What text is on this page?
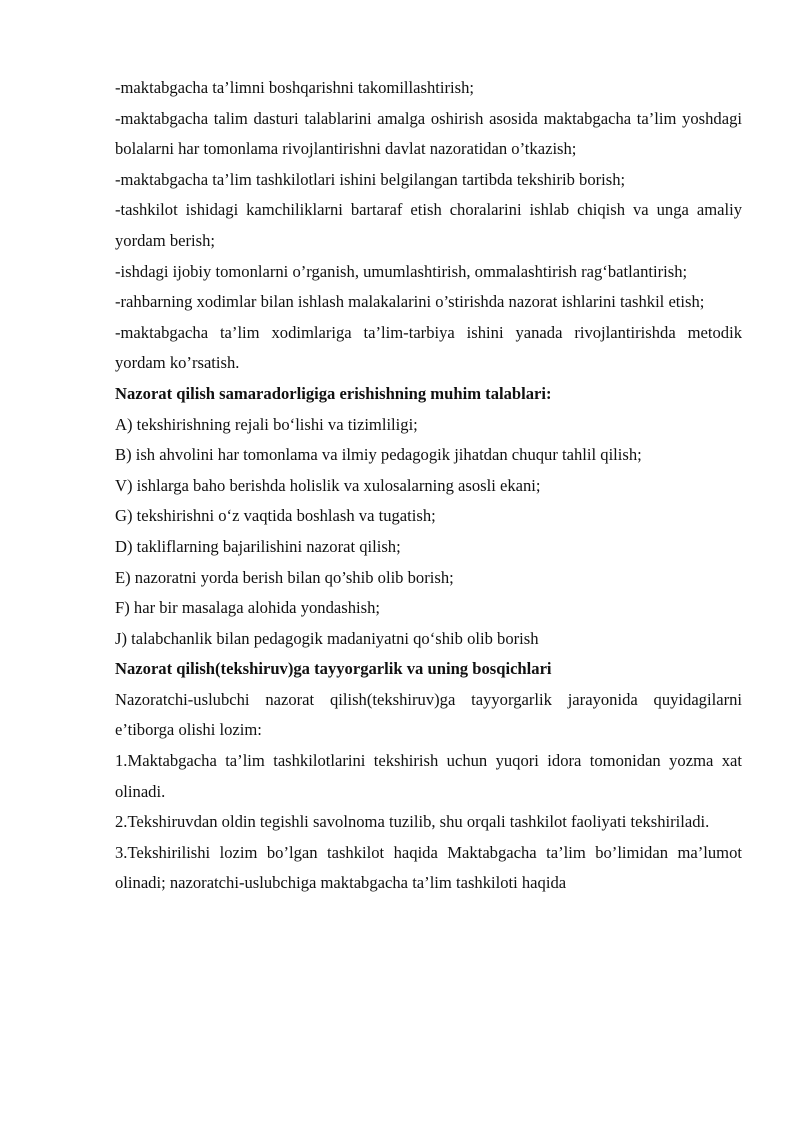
-maktabgacha ta’limni boshqarishni takomillashtirish;

-maktabgacha talim dasturi talablarini amalga oshirish asosida maktabgacha ta’lim yoshdagi bolalarni har tomonlama rivojlantirishni davlat nazoratidan o’tkazish;

-maktabgacha ta’lim tashkilotlari ishini belgilangan tartibda tekshirib borish;

-tashkilot ishidagi kamchiliklarni bartaraf etish choralarini ishlab chiqish va unga amaliy yordam berish;

-ishdagi ijobiy tomonlarni o’rganish, umumlashtirish, ommalashtirish rag‘batlantirish;

-rahbarning xodimlar bilan ishlash malakalarini o’stirishda nazorat ishlarini tashkil etish;

-maktabgacha ta’lim xodimlariga ta’lim-tarbiya ishini yanada rivojlantirishda metodik yordam ko’rsatish.

Nazorat qilish samaradorligiga erishishning muhim talablari:

A) tekshirishning rejali bo‘lishi va tizimliligi;

B) ish ahvolini har tomonlama va ilmiy pedagogik jihatdan chuqur tahlil qilish;

V) ishlarga baho berishda holislik va xulosalarning asosli ekani;

G) tekshirishni o‘z vaqtida boshlash va tugatish;

D) takliflarning bajarilishini nazorat qilish;

E) nazoratni yorda berish bilan qo’shib olib borish;

F) har bir masalaga alohida yondashish;

J) talabchanlik bilan pedagogik madaniyatni qo‘shib olib borish

Nazorat qilish(tekshiruv)ga tayyorgarlik va uning bosqichlari

Nazoratchi-uslubchi nazorat qilish(tekshiruv)ga tayyorgarlik jarayonida quyidagilarni e’tiborga olishi lozim:

1.Maktabgacha ta’lim tashkilotlarini tekshirish uchun yuqori idora tomonidan yozma xat olinadi.

2.Tekshiruvdan oldin tegishli savolnoma tuzilib, shu orqali tashkilot faoliyati tekshiriladi.

3.Tekshirilishi lozim bo’lgan tashkilot haqida Maktabgacha ta’lim bo’limidan ma’lumot olinadi; nazoratchi-uslubchiga maktabgacha ta’lim tashkiloti haqida
